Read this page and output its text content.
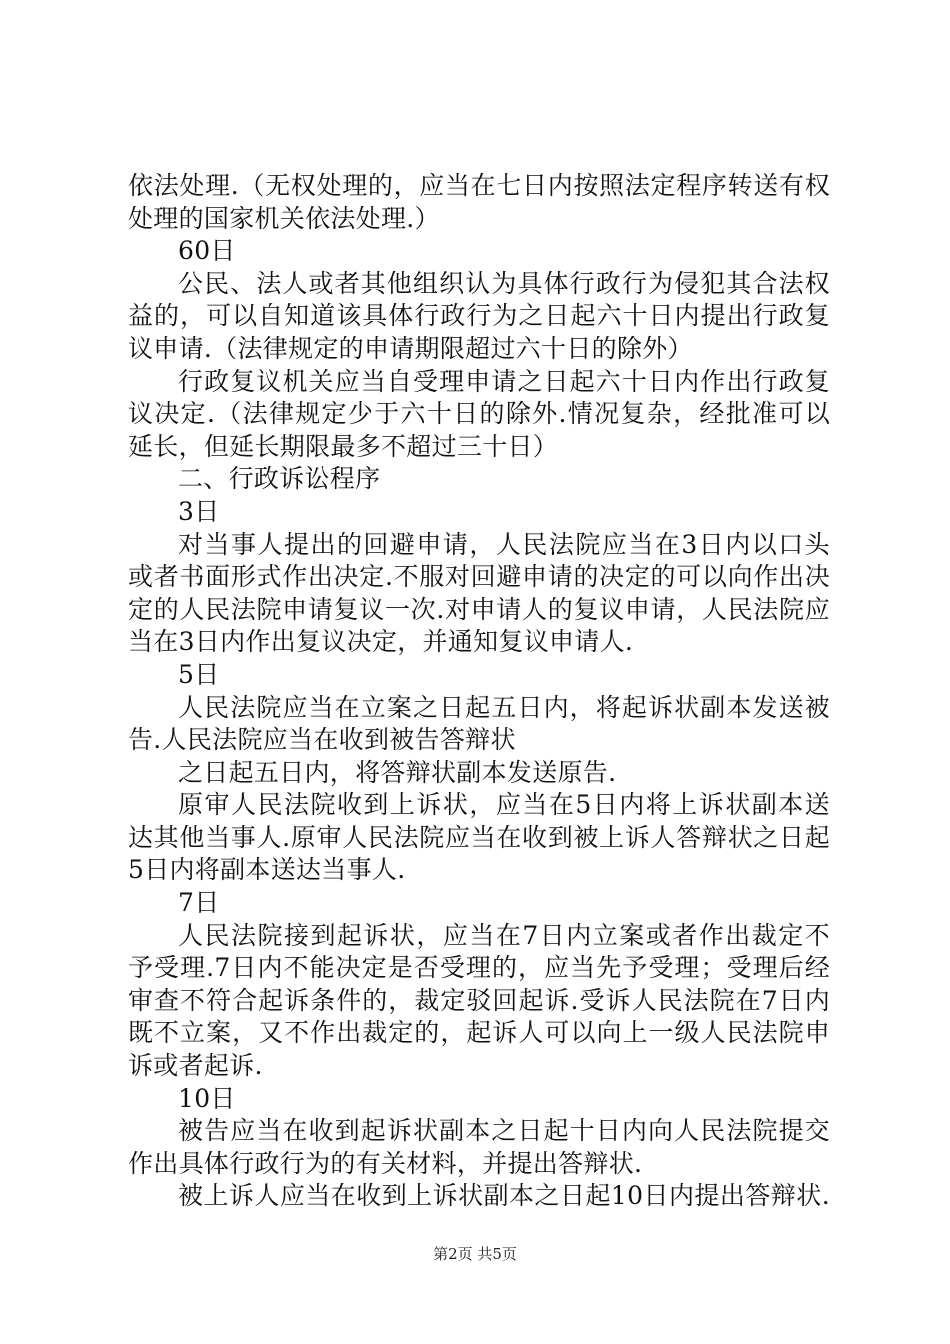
依法处理.（无权处理的，应当在七日内按照法定程序转送有权
处理的国家机关依法处理.）
60日
公民、法人或者其他组织认为具体行政行为侵犯其合法权
益的，可以自知道该具体行政行为之日起六十日内提出行政复
议申请.（法律规定的申请期限超过六十日的除外）
行政复议机关应当自受理申请之日起六十日内作出行政复
议决定.（法律规定少于六十日的除外.情况复杂，经批准可以
延长，但延长期限最多不超过三十日）
二、行政诉讼程序
3日
对当事人提出的回避申请，人民法院应当在3日内以口头
或者书面形式作出决定.不服对回避申请的决定的可以向作出决
定的人民法院申请复议一次.对申请人的复议申请，人民法院应
当在3日内作出复议决定，并通知复议申请人.
5日
人民法院应当在立案之日起五日内，将起诉状副本发送被
告.人民法院应当在收到被告答辩状
之日起五日内，将答辩状副本发送原告.
原审人民法院收到上诉状，应当在5日内将上诉状副本送
达其他当事人.原审人民法院应当在收到被上诉人答辩状之日起
5日内将副本送达当事人.
7日
人民法院接到起诉状，应当在7日内立案或者作出裁定不
予受理.7日内不能决定是否受理的，应当先予受理；受理后经
审查不符合起诉条件的，裁定驳回起诉.受诉人民法院在7日内
既不立案，又不作出裁定的，起诉人可以向上一级人民法院申
诉或者起诉.
10日
被告应当在收到起诉状副本之日起十日内向人民法院提交
作出具体行政行为的有关材料，并提出答辩状.
被上诉人应当在收到上诉状副本之日起10日内提出答辩状.
第2页 共5页
